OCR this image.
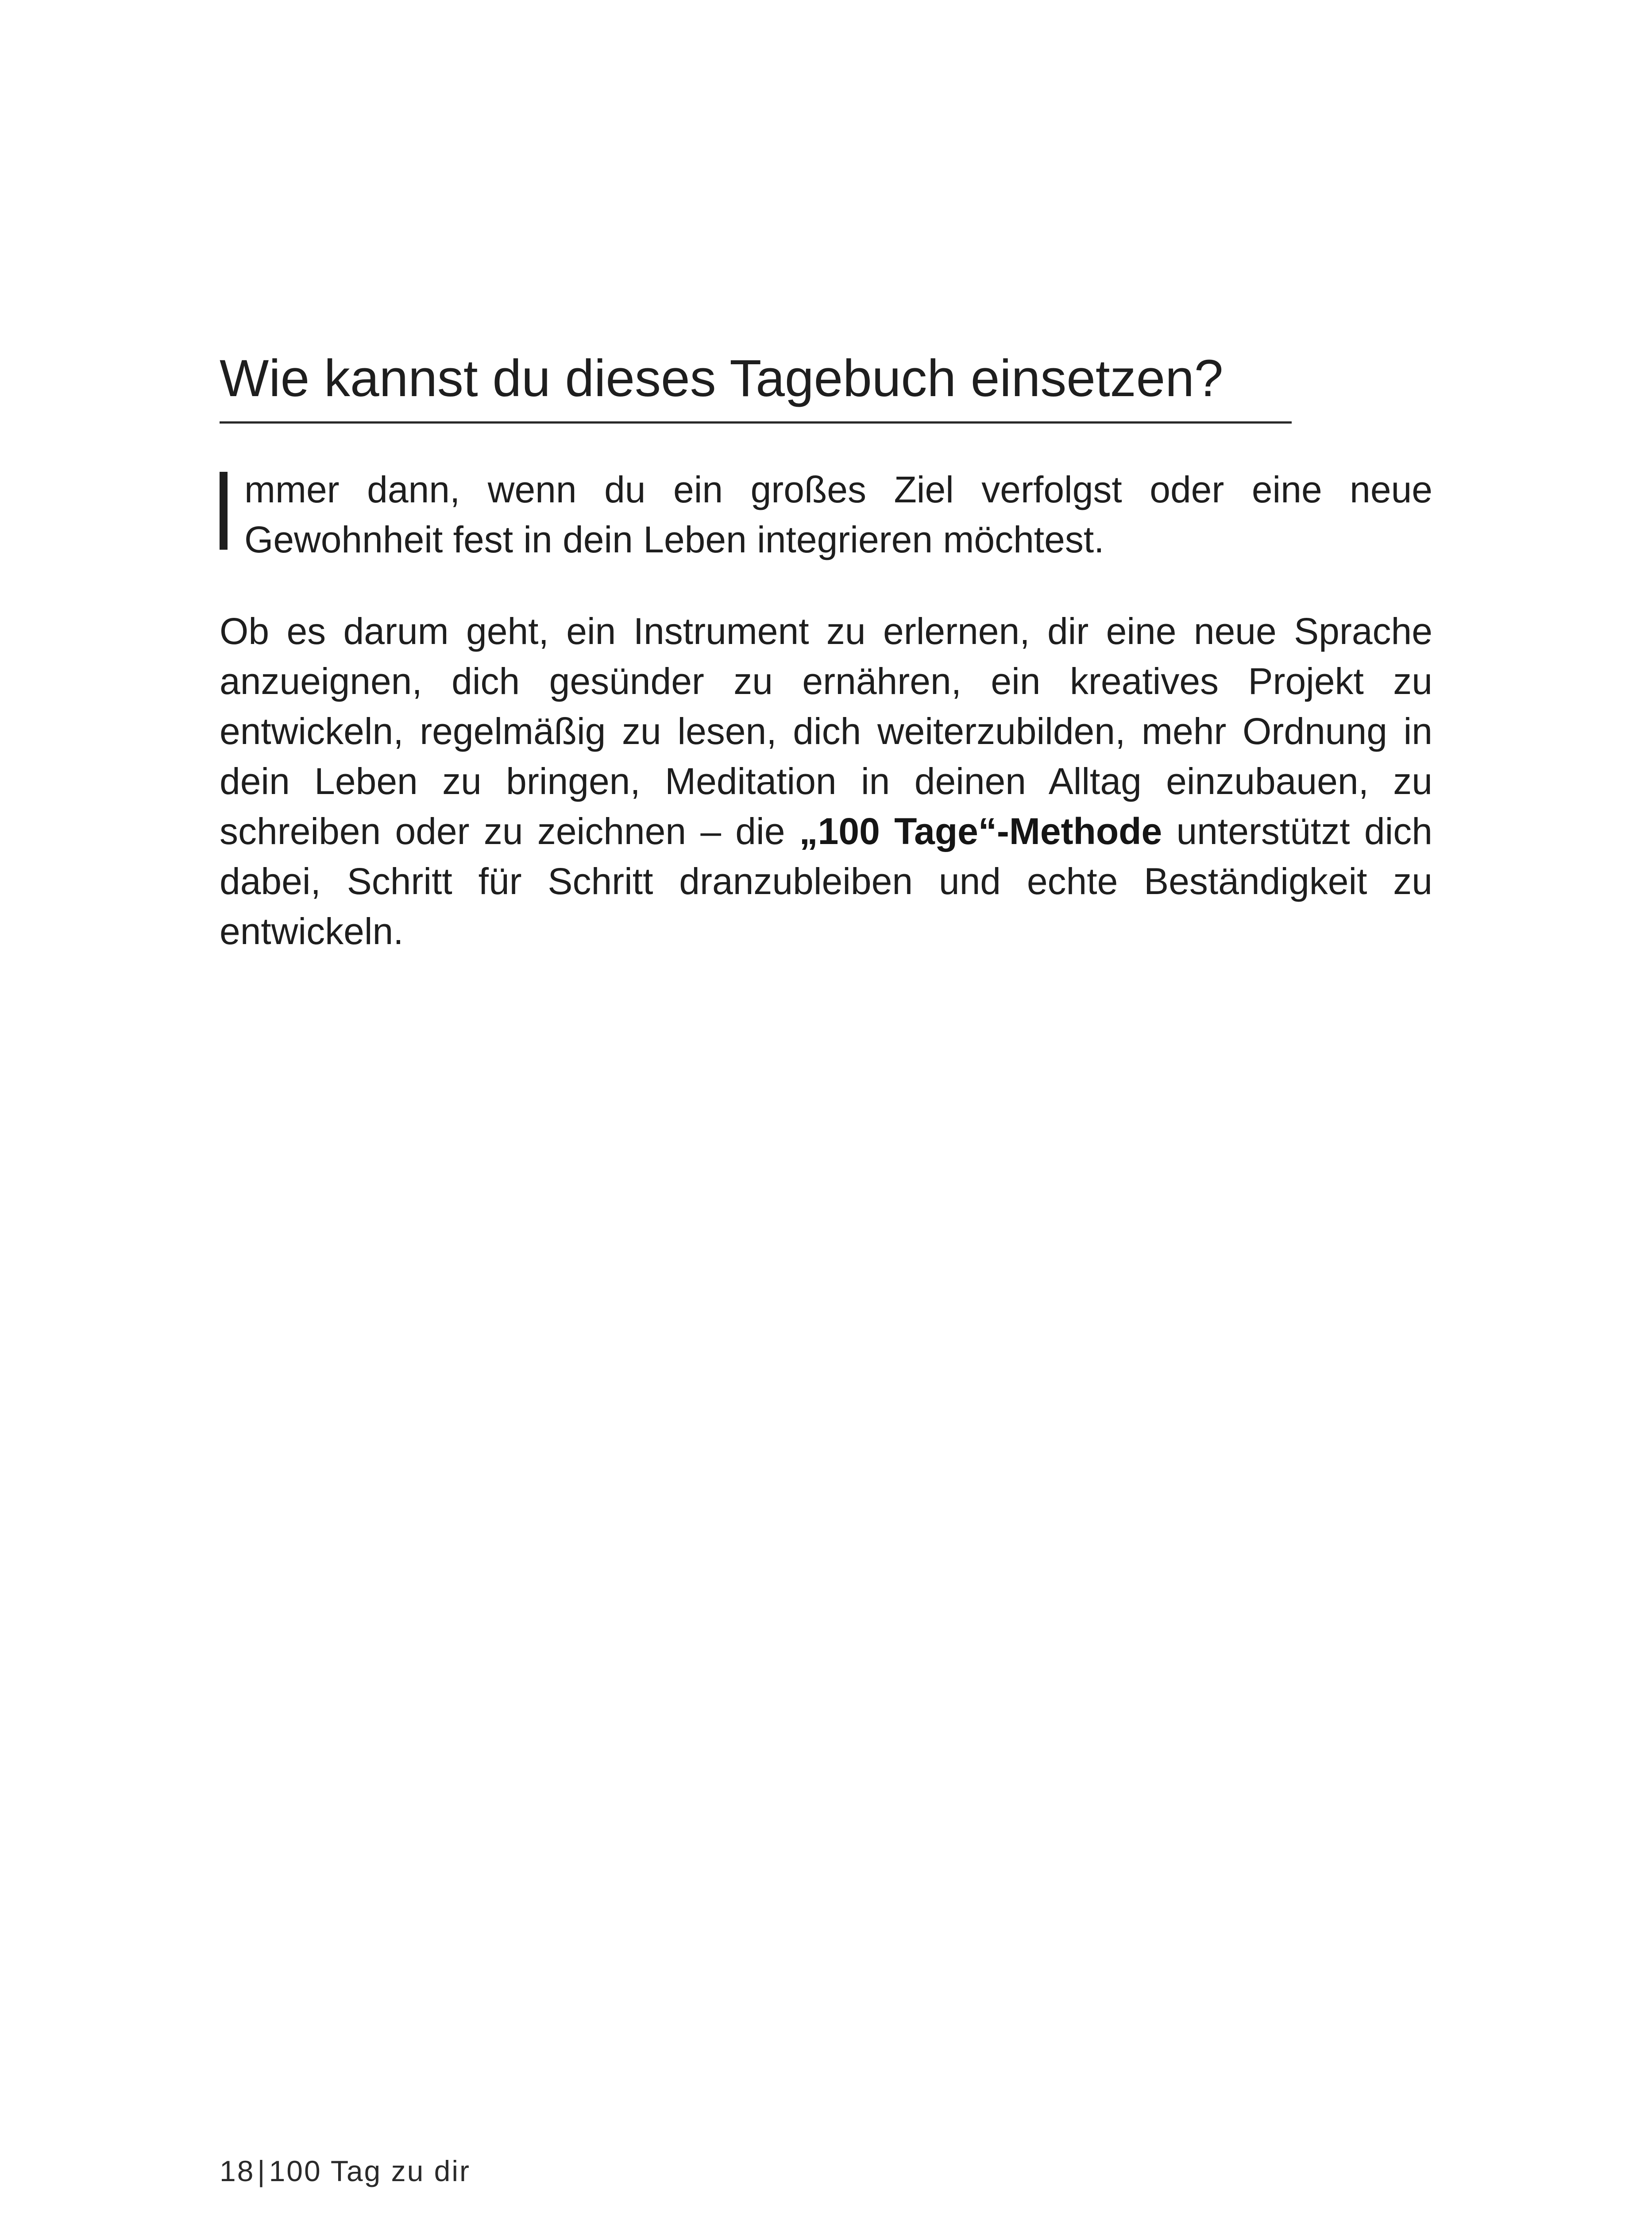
Wie kannst du dieses Tagebuch einsetzen?

mmer dann, wenn du ein großes Ziel verfolgst oder eine neue Gewohnheit fest in dein Leben integrieren möchtest.

Ob es darum geht, ein Instrument zu erlernen, dir eine neue Sprache anzueignen, dich gesünder zu ernähren, ein kreatives Projekt zu entwickeln, regelmäßig zu lesen, dich weiterzubilden, mehr Ordnung in dein Leben zu bringen, Meditation in deinen Alltag einzubauen, zu schreiben oder zu zeichnen – die „100 Tage“-Methode unterstützt dich dabei, Schritt für Schritt dranzubleiben und echte Beständigkeit zu entwickeln.

18|100 Tag zu dir
